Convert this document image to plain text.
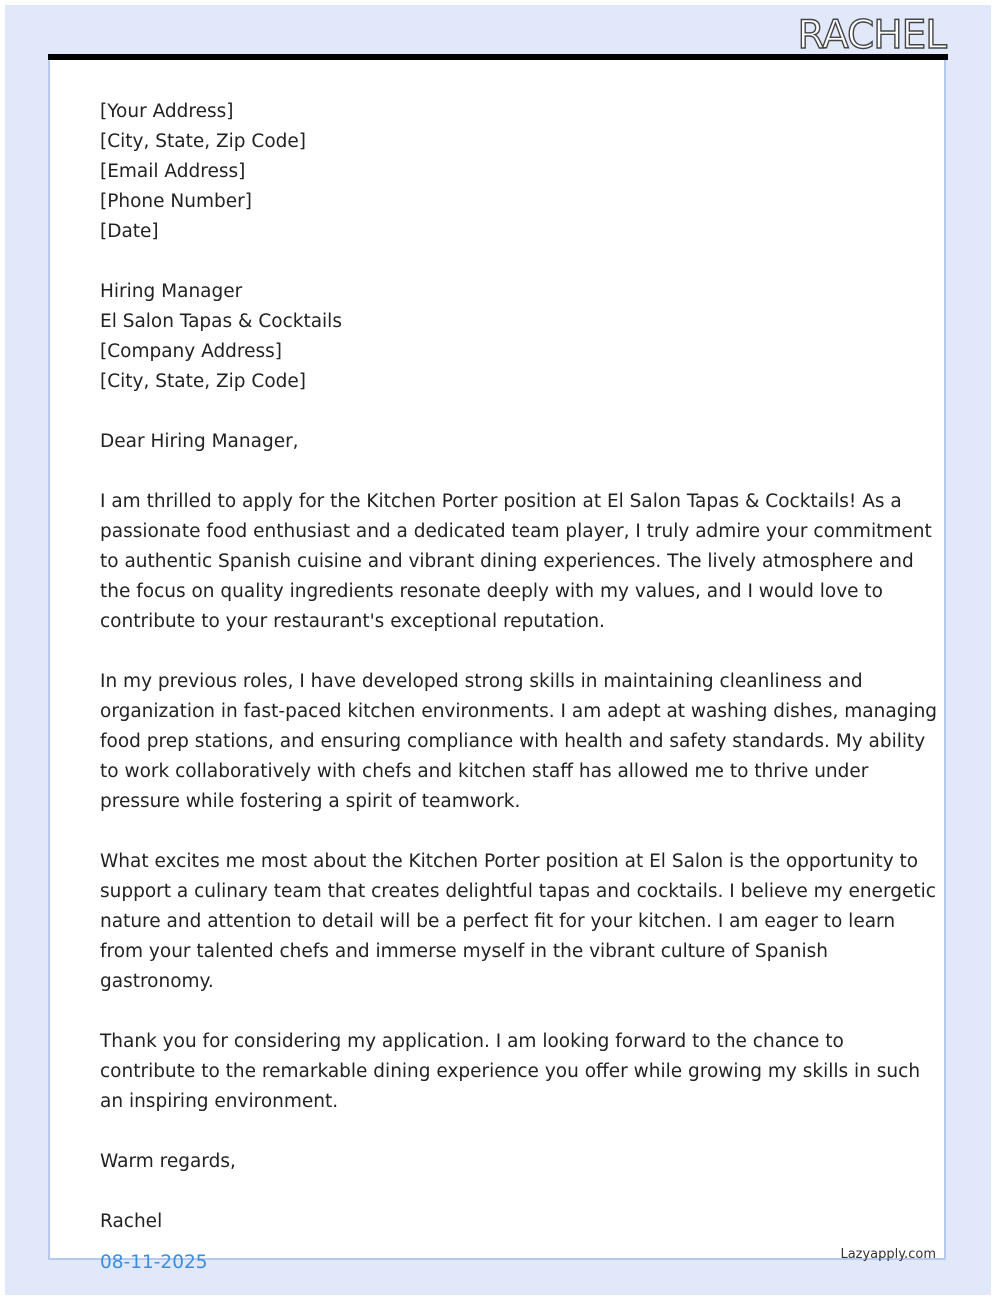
RACHEL
[Your Address]
[City, State, Zip Code]
[Email Address]
[Phone Number]
[Date]
Hiring Manager
El Salon Tapas & Cocktails
[Company Address]
[City, State, Zip Code]
Dear Hiring Manager,

I am thrilled to apply for the Kitchen Porter position at El Salon Tapas & Cocktails! As a
passionate food enthusiast and a dedicated team player, I truly admire your commitment
to authentic Spanish cuisine and vibrant dining experiences. The lively atmosphere and
the focus on quality ingredients resonate deeply with my values, and I would love to
contribute to your restaurant's exceptional reputation.

In my previous roles, I have developed strong skills in maintaining cleanliness and
organization in fast-paced kitchen environments. I am adept at washing dishes, managing
food prep stations, and ensuring compliance with health and safety standards. My ability
to work collaboratively with chefs and kitchen staff has allowed me to thrive under
pressure while fostering a spirit of teamwork.

What excites me most about the Kitchen Porter position at El Salon is the opportunity to
support a culinary team that creates delightful tapas and cocktails. I believe my energetic
nature and attention to detail will be a perfect fit for your kitchen. I am eager to learn
from your talented chefs and immerse myself in the vibrant culture of Spanish
gastronomy.

Thank you for considering my application. I am looking forward to the chance to
contribute to the remarkable dining experience you offer while growing my skills in such
an inspiring environment.

Warm regards,
Rachel
08-11-2025	Lazyapply.com
